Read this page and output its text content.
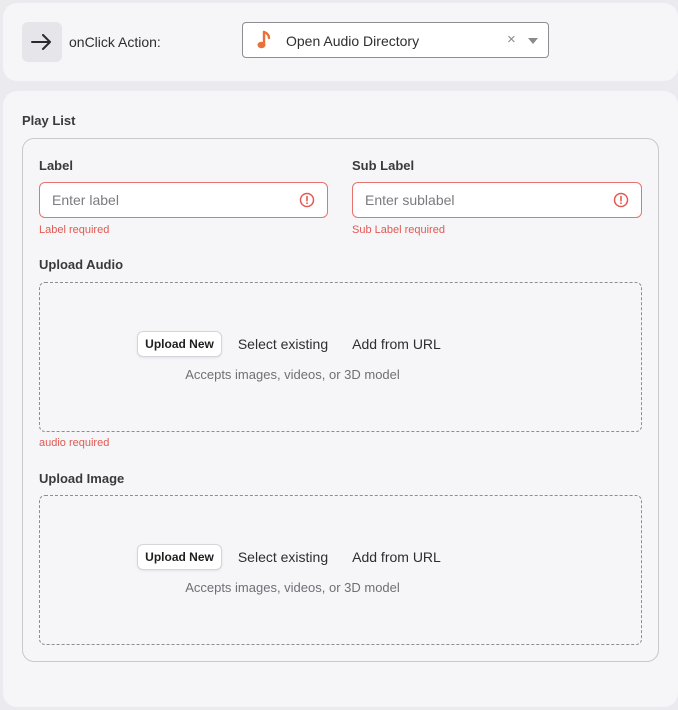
onClick Action:	Open Audio Directory	×
Play List
Label
Enter label
Label required
Sub Label
Enter sublabel
Sub Label required
Upload Audio
Upload New	Select existing Add from URL
Accepts images, videos, or 3D model
audio required
Upload Image
Upload New	Select existing Add from URL
Accepts images, videos, or 3D model
